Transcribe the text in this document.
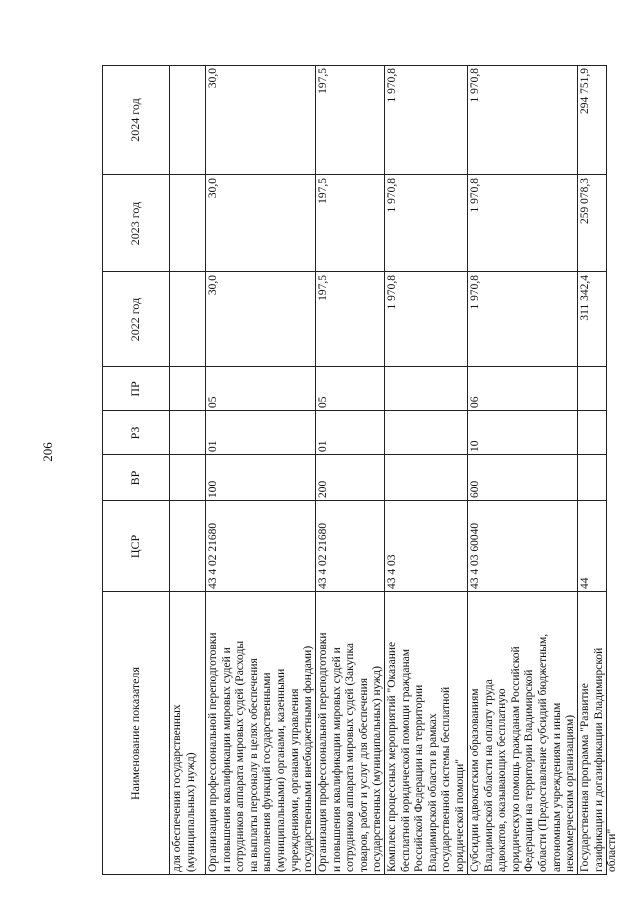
206
Наименование показателя
ЦСР
ВР
РЗ
ПР
2022 год
2023 год
2024 год
для обеспечения государственных (муниципальных) нужд) Организация профессиональной переподготовки и повышения квалификации мировых судей и сотрудников аппарата мировых судей (Расходы на выплаты персоналу в целях обеспечения выполнения функций государственными (муниципальными) органами, казенными учреждениями, органами управления государственными внебюджетными фондами)
43 4 02 21680
100
01
05
30,0
30,0
30,0
Организация профессиональной переподготовки и повышения квалификации мировых судей и сотрудников аппарата мировых судей (Закупка товаров, работ и услуг для обеспечения государственных (муниципальных) нужд)
43 4 02 21680
200
01
05
197,5
197,5
197,5
Комплекс процессных мероприятий "Оказание бесплатной юридической помощи гражданам Российской Федерации на территории Владимирской области в рамках государственной системы бесплатной юридической помощи"
43 4 03
1 970,8
1 970,8
1 970,8
Субсидии адвокатским образованиям Владимирской области на оплату труда адвокатов, оказывающих бесплатную юридическую помощь гражданам Российской Федерации на территории Владимирской области (Предоставление субсидий бюджетным, автономным учреждениям и иным некоммерческим организациям)
43 4 03 60040
600
10
06
1 970,8
1 970,8
1 970,8
Государственная программа "Развитие газификации и догазификации Владимирской области"
44
311 342,4
259 078,3
294 751,9
